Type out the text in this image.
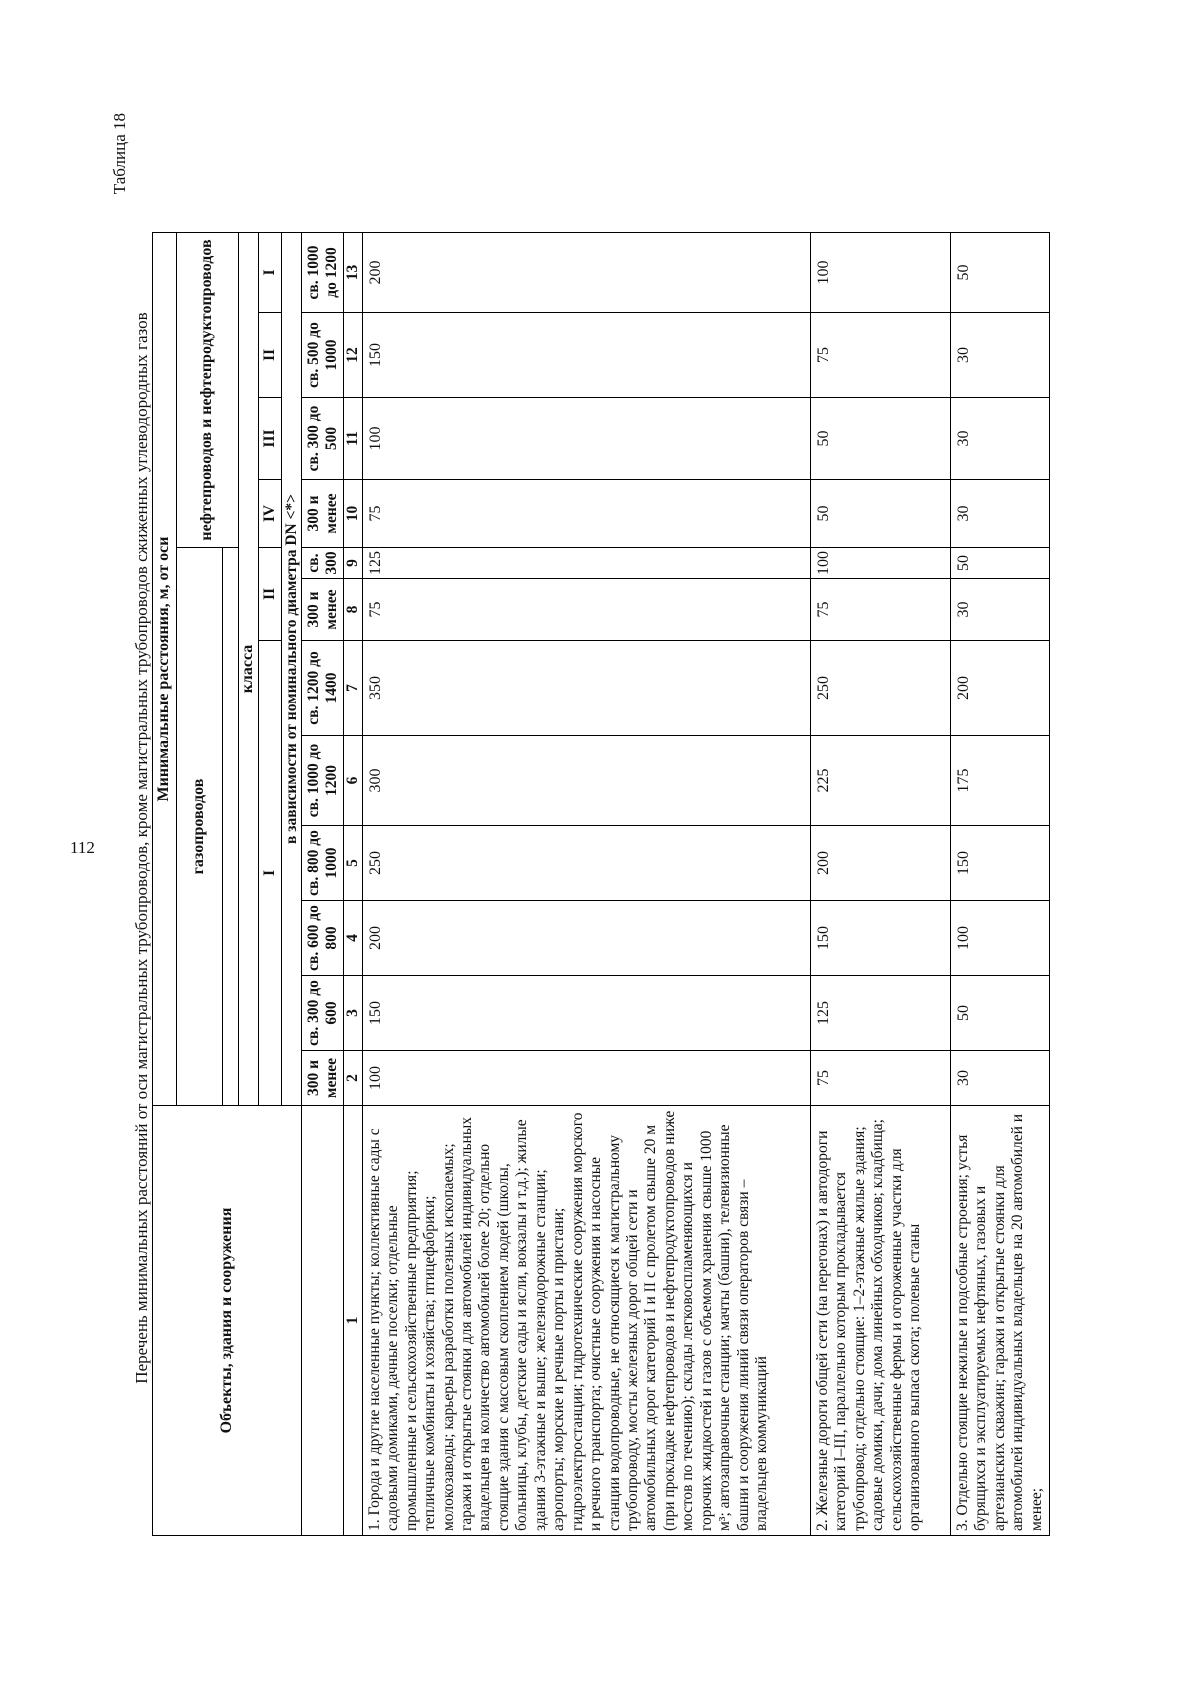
112
Таблица 18
Перечень минимальных расстояний от оси магистральных трубопроводов, кроме магистральных трубопроводов сжиженных углеводородных газов	Объекты, здания и сооружения	Минимальные расстояния, м, от оси											
	газопроводов								нефтепроводов и нефтепродуктопроводов			

	класса											
	I						II		IV	III	II	I
	в зависимости от номинального диаметра DN <*>											
	300 и менее	св. 300 до 600	св. 600 до 800	св. 800 до 1000	св. 1000 до 1200	св. 1200 до 1400	300 и менее	св. 300	300 и менее	св. 300 до 500	св. 500 до 1000	св. 1000 до 1200
1	2	3	4	5	6	7	8	9	10	11	12	13
1. Города и другие населенные пункты; коллективные сады с садовыми домиками, дачные поселки; отдельные промышленные и сельскохозяйственные предприятия; тепличные комбинаты и хозяйства; птицефабрики; молокозаводы; карьеры разработки полезных ископаемых; гаражи и открытые стоянки для автомобилей индивидуальных владельцев на количество автомобилей более 20; отдельно стоящие здания с массовым скоплением людей (школы, больницы, клубы, детские сады и ясли, вокзалы и т.д.); жилые здания 3-этажные и выше; железнодорожные станции; аэропорты; морские и речные порты и пристани; гидроэлектростанции; гидротехнические сооружения морского и речного транспорта; очистные сооружения и насосные станции водопроводные, не относящиеся к магистральному трубопроводу, мосты железных дорог общей сети и автомобильных дорог категорий I и II с пролетом свыше 20 м (при прокладке нефтепроводов и нефтепродуктопроводов ниже мостов по течению); склады легковоспламеняющихся и горючих жидкостей и газов с объемом хранения свыше 1000 м³; автозаправочные станции; мачты (башни), телевизионные башни и сооружения линий связи операторов связи – владельцев коммуникаций	100	150	200	250	300	350	75	125	75	100	150	200
2. Железные дороги общей сети (на перегонах) и автодороги категорий I–III, параллельно которым прокладывается трубопровод; отдельно стоящие: 1–2-этажные жилые здания; садовые домики, дачи; дома линейных обходчиков; кладбища; сельскохозяйственные фермы и огороженные участки для организованного выпаса скота; полевые станы	75	125	150	200	225	250	75	100	50	50	75	100
3. Отдельно стоящие нежилые и подсобные строения; устья бурящихся и эксплуатируемых нефтяных, газовых и артезианских скважин; гаражи и открытые стоянки для автомобилей индивидуальных владельцев на 20 автомобилей и менее;	30	50	100	150	175	200	30	50	30	30	30	50
